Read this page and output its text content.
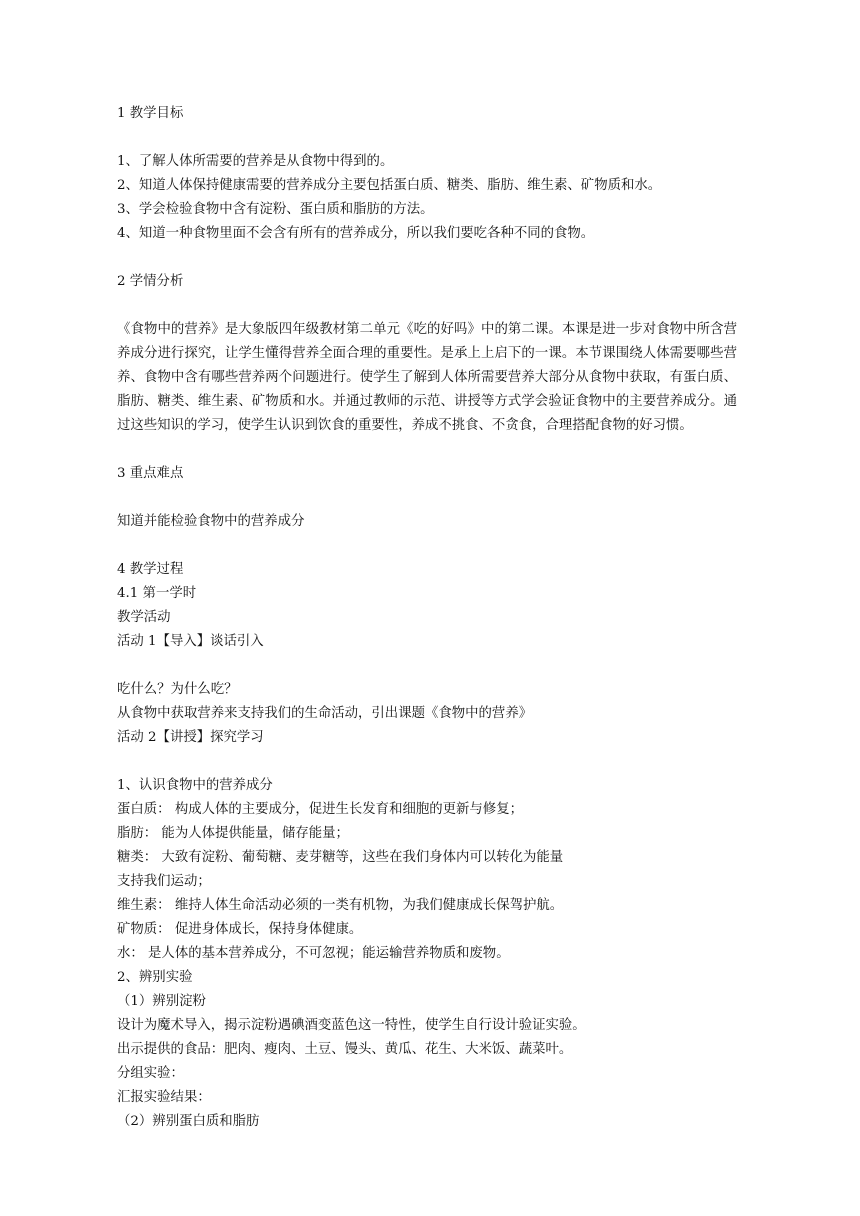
1 教学目标
1、了解人体所需要的营养是从食物中得到的。
2、知道人体保持健康需要的营养成分主要包括蛋白质、糖类、脂肪、维生素、矿物质和水。
3、学会检验食物中含有淀粉、蛋白质和脂肪的方法。
4、知道一种食物里面不会含有所有的营养成分，所以我们要吃各种不同的食物。
2 学情分析
《食物中的营养》是大象版四年级教材第二单元《吃的好吗》中的第二课。本课是进一步对食物中所含营养成分进行探究，让学生懂得营养全面合理的重要性。是承上上启下的一课。本节课围绕人体需要哪些营养、食物中含有哪些营养两个问题进行。使学生了解到人体所需要营养大部分从食物中获取，有蛋白质、脂肪、糖类、维生素、矿物质和水。并通过教师的示范、讲授等方式学会验证食物中的主要营养成分。通过这些知识的学习，使学生认识到饮食的重要性，养成不挑食、不贪食，合理搭配食物的好习惯。
3 重点难点
知道并能检验食物中的营养成分
4 教学过程
4.1 第一学时
教学活动
活动 1【导入】谈话引入
吃什么？为什么吃？
从食物中获取营养来支持我们的生命活动，引出课题《食物中的营养》
活动 2【讲授】探究学习
1、认识食物中的营养成分
蛋白质： 构成人体的主要成分，促进生长发育和细胞的更新与修复；
脂肪： 能为人体提供能量，储存能量；
糖类： 大致有淀粉、葡萄糖、麦芽糖等，这些在我们身体内可以转化为能量
支持我们运动；
维生素： 维持人体生命活动必须的一类有机物，为我们健康成长保驾护航。
矿物质： 促进身体成长，保持身体健康。
水： 是人体的基本营养成分，不可忽视；能运输营养物质和废物。
2、辨别实验
（1）辨别淀粉
设计为魔术导入，揭示淀粉遇碘酒变蓝色这一特性，使学生自行设计验证实验。
出示提供的食品：肥肉、瘦肉、土豆、馒头、黄瓜、花生、大米饭、蔬菜叶。
分组实验：
汇报实验结果：
（2）辨别蛋白质和脂肪
